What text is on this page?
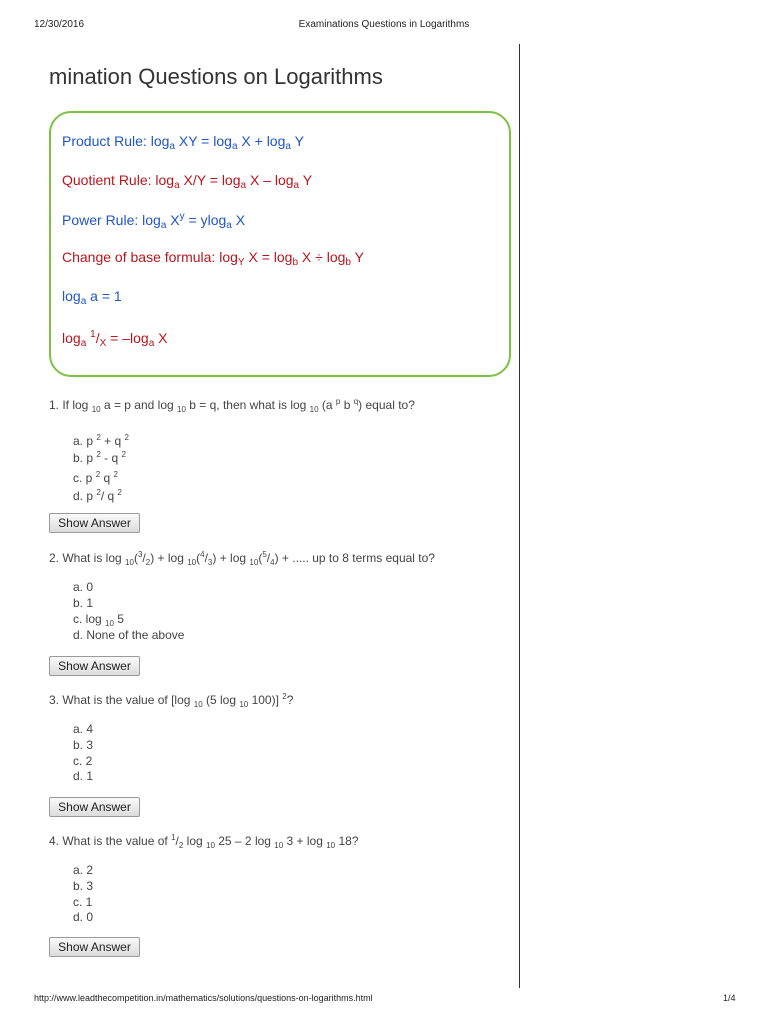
12/30/2016	Examinations Questions in Logarithms
mination Questions on Logarithms
Product Rule: $\log_a$ XY = $\log_a X + \log_a Y$
Quotient Rule: $\log_a X/Y = \log_a X - \log_a Y$
Power Rule: $\log_a X^y = ylog_a$ X
Change of base formula: $\log_Y X = \log_b X \div \log_b Y$
$\log_a a = 1$
$\log_a ^1/_X = -\log_a$ X
1. If log $_{10}$ a = p and log $_{10}$ b = q, then what is log $_{10}$ (a $^p$ b $^q$) equal to?
a. p $^2$ + q $^2$
b. p $^2$ - q $^2$
c. p $^2$ q $^2$
d. p $^2$/ q $^2$
Show Answer
2. What is $\log _{10}(^3/_2) + \log _{10}(^4/_3) + \log _{10}(^5/_4)$ + ..... up to 8 terms equal to?
a. 0
b. 1
c. log $_{10}$ 5
d. None of the above
Show Answer
3. What is the value of [log $_{10}$ (5 log $_{10}$ 100)] $^2$?
a. 4
b. 3
c. 2
d. 1
Show Answer
4. What is the value of $^1/_2$ log $_{10}$ 25 – 2 log $_{10}$ 3 + log $_{10}$ 18?
a. 2
b. 3
c. 1
d. 0
Show Answer
http://www.leadthecompetition.in/mathematics/solutions/questions-on-logarithms.html	1/4
